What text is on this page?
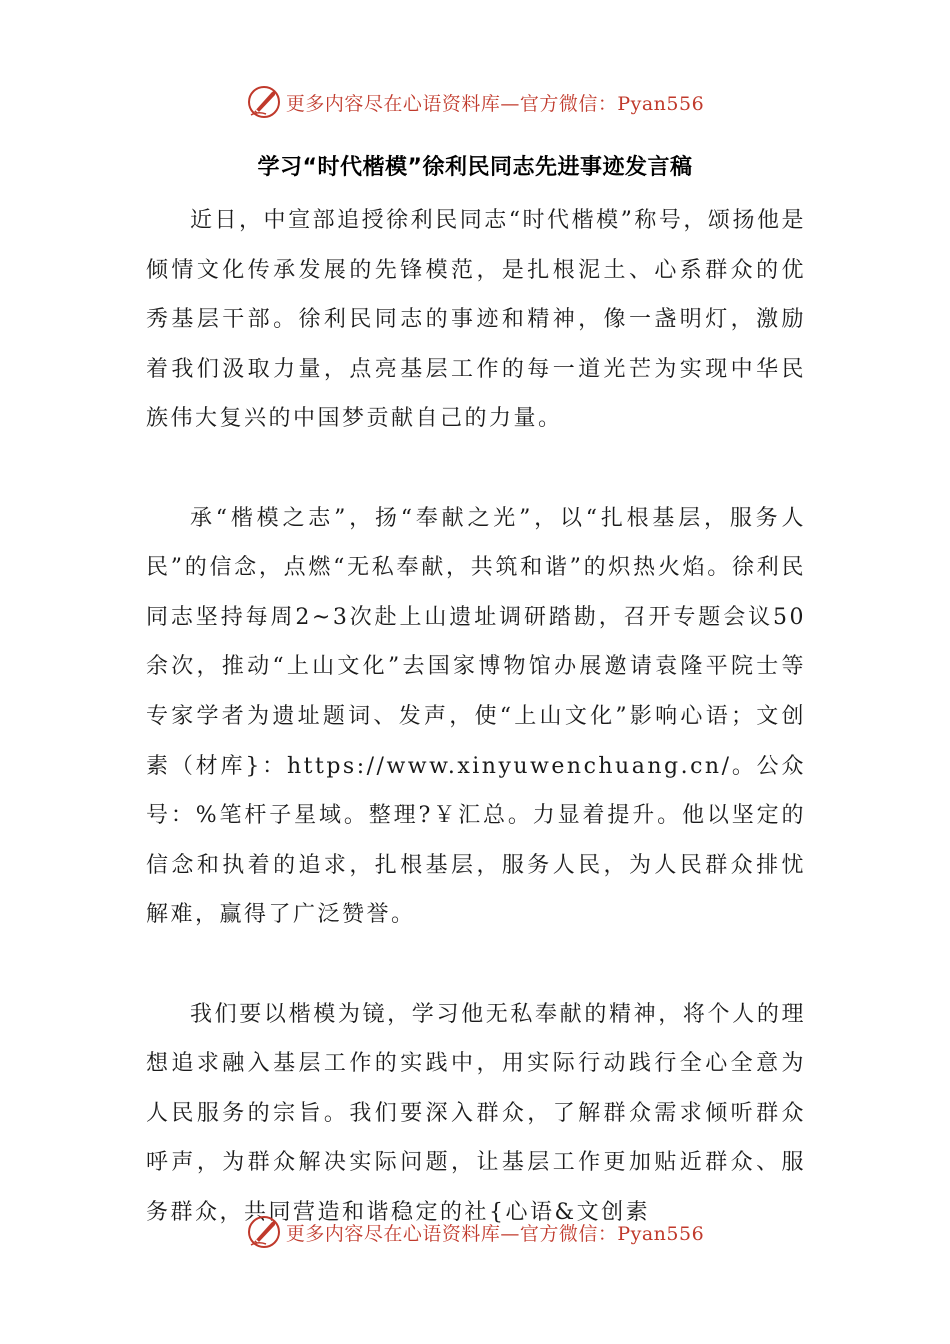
更多内容尽在心语资料库—官方微信：Pyan556
学习“时代楷模”徐利民同志先进事迹发言稿

近日，中宣部追授徐利民同志“时代楷模”称号，颂扬他是倾情文化传承发展的先锋模范，是扎根泥土、心系群众的优秀基层干部。徐利民同志的事迹和精神，像一盏明灯，激励着我们汲取力量，点亮基层工作的每一道光芒为实现中华民族伟大复兴的中国梦贡献自己的力量。

承“楷模之志”，扬“奉献之光”，以“扎根基层，服务人民”的信念，点燃“无私奉献，共筑和谐”的炽热火焰。徐利民同志坚持每周2~3次赴上山遗址调研踏勘，召开专题会议50余次，推动“上山文化”去国家博物馆办展邀请袁隆平院士等专家学者为遗址题词、发声，使“上山文化”影响心语；文创素（材库}：https://www.xinyuwenchuang.cn/。公众号：%笔杆子星域。整理?￥汇总。力显着提升。他以坚定的信念和执着的追求，扎根基层，服务人民，为人民群众排忧解难，赢得了广泛赞誉。

我们要以楷模为镜，学习他无私奉献的精神，将个人的理想追求融入基层工作的实践中，用实际行动践行全心全意为人民服务的宗旨。我们要深入群众，了解群众需求倾听群众呼声，为群众解决实际问题，让基层工作更加贴近群众、服务群众，共同营造和谐稳定的社{心语&文创素

更多内容尽在心语资料库—官方微信：Pyan556
